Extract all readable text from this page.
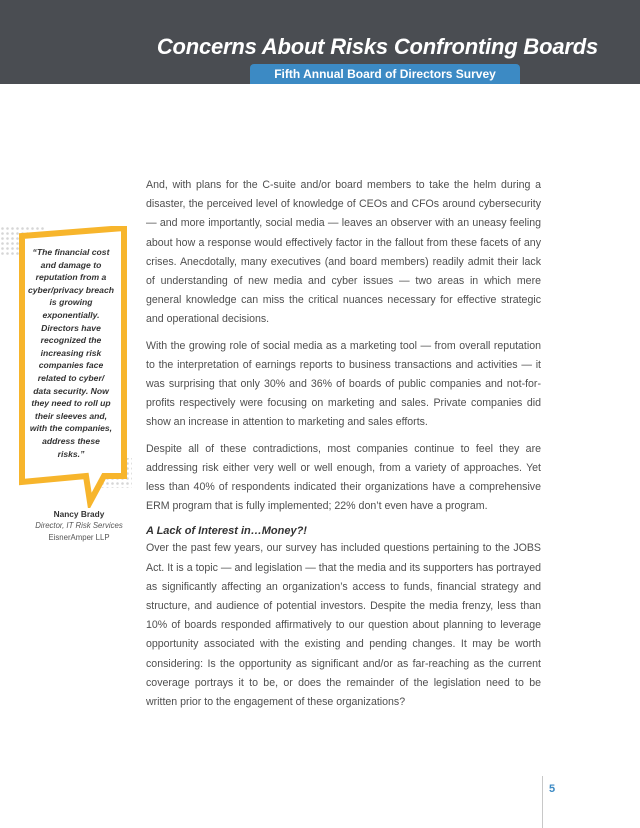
Concerns About Risks Confronting Boards
Fifth Annual Board of Directors Survey
“The financial cost and damage to reputation from a cyber/privacy breach is growing exponentially. Directors have recognized the increasing risk companies face related to cyber/ data security. Now they need to roll up their sleeves and, with the companies, address these risks.”
Nancy Brady
Director, IT Risk Services
EisnerAmper LLP

And, with plans for the C-suite and/or board members to take the helm during a disaster, the perceived level of knowledge of CEOs and CFOs around cybersecurity — and more importantly, social media — leaves an observer with an uneasy feeling about how a response would effectively factor in the fallout from these facets of any crises. Anecdotally, many executives (and board members) readily admit their lack of understanding of new media and cyber issues — two areas in which mere general knowledge can miss the critical nuances necessary for effective strategic and operational decisions.

With the growing role of social media as a marketing tool — from overall reputation to the interpretation of earnings reports to business transactions and activities — it was surprising that only 30% and 36% of boards of public companies and not-for-profits respectively were focusing on marketing and sales. Private companies did show an increase in attention to marketing and sales efforts.

Despite all of these contradictions, most companies continue to feel they are addressing risk either very well or well enough, from a variety of approaches. Yet less than 40% of respondents indicated their organizations have a comprehensive ERM program that is fully implemented; 22% don’t even have a program.

A Lack of Interest in…Money?!

Over the past few years, our survey has included questions pertaining to the JOBS Act. It is a topic — and legislation — that the media and its supporters has portrayed as significantly affecting an organization’s access to funds, financial strategy and structure, and audience of potential investors. Despite the media frenzy, less than 10% of boards responded affirmatively to our question about planning to leverage opportunity associated with the existing and pending changes. It may be worth considering: Is the opportunity as significant and/or as far-reaching as the current coverage portrays it to be, or does the remainder of the legislation need to be written prior to the engagement of these organizations?

5
